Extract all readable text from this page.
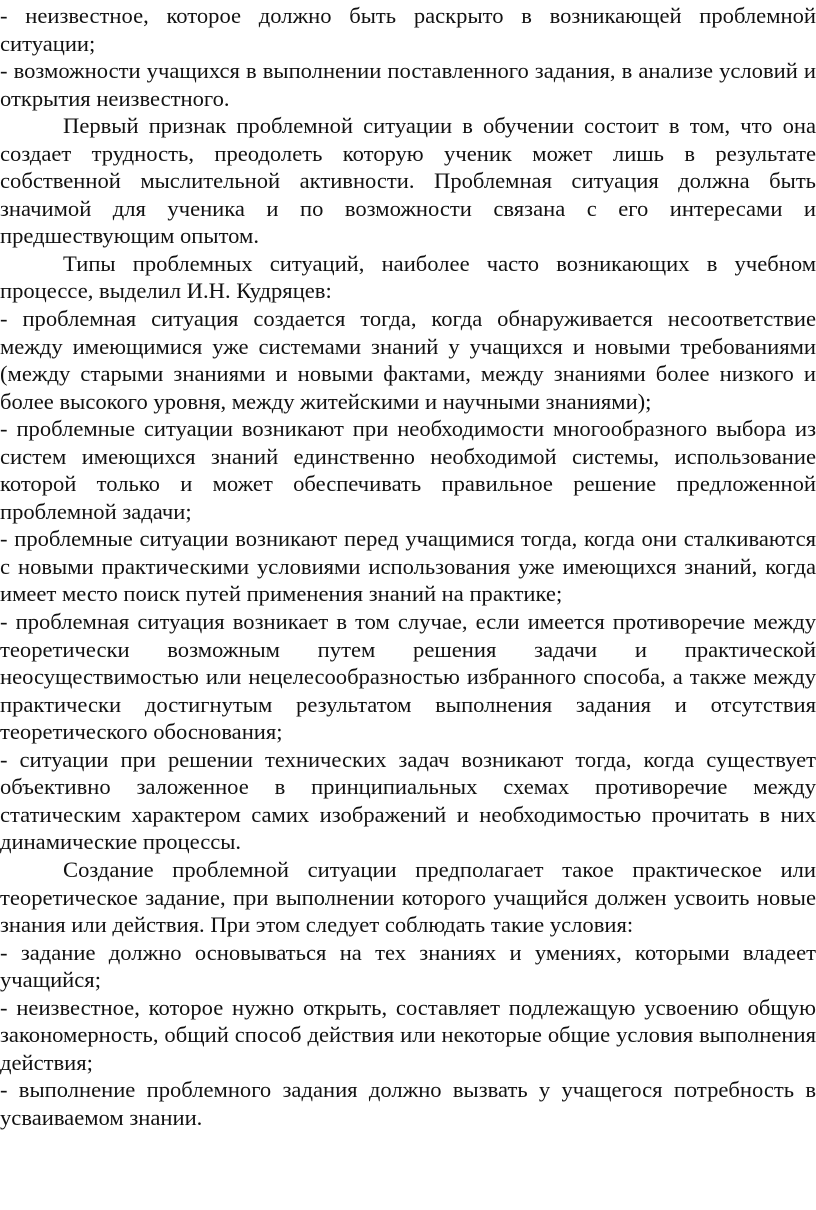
- неизвестное, которое должно быть раскрыто в возникающей проблемной ситуации;

- возможности учащихся в выполнении поставленного задания, в анализе условий и открытия неизвестного.

Первый признак проблемной ситуации в обучении состоит в том, что она создает трудность, преодолеть которую ученик может лишь в результате собственной мыслительной активности. Проблемная ситуация должна быть значимой для ученика и по возможности связана с его интересами и предшествующим опытом.

Типы проблемных ситуаций, наиболее часто возникающих в учебном процессе, выделил И.Н. Кудряцев:

- проблемная ситуация создается тогда, когда обнаруживается несоответствие между имеющимися уже системами знаний у учащихся и новыми требованиями (между старыми знаниями и новыми фактами, между знаниями более низкого и более высокого уровня, между житейскими и научными знаниями);

- проблемные ситуации возникают при необходимости многообразного выбора из систем имеющихся знаний единственно необходимой системы, использование которой только и может обеспечивать правильное решение предложенной проблемной задачи;

- проблемные ситуации возникают перед учащимися тогда, когда они сталкиваются с новыми практическими условиями использования уже имеющихся знаний, когда имеет место поиск путей применения знаний на практике;

- проблемная ситуация возникает в том случае, если имеется противоречие между теоретически возможным путем решения задачи и практической неосуществимостью или нецелесообразностью избранного способа, а также между практически достигнутым результатом выполнения задания и отсутствия теоретического обоснования;

- ситуации при решении технических задач возникают тогда, когда существует объективно заложенное в принципиальных схемах противоречие между статическим характером самих изображений и необходимостью прочитать в них динамические процессы.

Создание проблемной ситуации предполагает такое практическое или теоретическое задание, при выполнении которого учащийся должен усвоить новые знания или действия. При этом следует соблюдать такие условия:

- задание должно основываться на тех знаниях и умениях, которыми владеет учащийся;

- неизвестное, которое нужно открыть, составляет подлежащую усвоению общую закономерность, общий способ действия или некоторые общие условия выполнения действия;

- выполнение проблемного задания должно вызвать у учащегося потребность в усваиваемом знании.
